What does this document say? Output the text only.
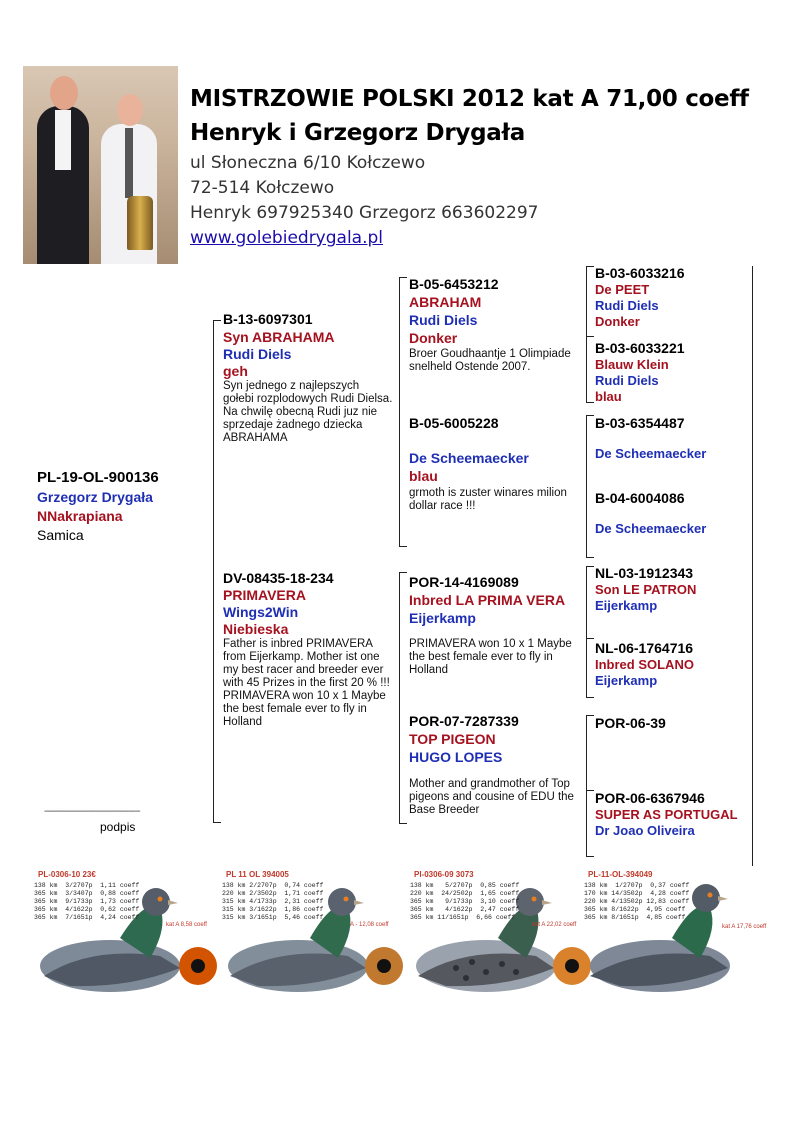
MISTRZOWIE POLSKI 2012 kat A 71,00 coeff
Henryk i Grzegorz Drygała
ul Słoneczna 6/10 Kołczewo
72-514 Kołczewo
Henryk 697925340 Grzegorz 663602297
www.golebiedrygala.pl
PL-19-OL-900136
Grzegorz Drygała
NNakrapiana
Samica
B-13-6097301
Syn ABRAHAMA
Rudi Diels
geh
Syn jednego z najlepszych gołebi rozplodowych Rudi Dielsa. Na chwilę obecną Rudi juz nie sprzedaje żadnego dziecka ABRAHAMA
DV-08435-18-234
PRIMAVERA
Wings2Win
Niebieska
Father is inbred PRIMAVERA from Eijerkamp. Mother ist one my best racer and breeder ever with 45 Prizes in the first 20 % !!! PRIMAVERA won 10 x 1 Maybe the best female ever to fly in Holland
B-05-6453212
ABRAHAM
Rudi Diels
Donker
Broer Goudhaantje 1 Olimpiade snelheld Ostende 2007.
B-05-6005228
De Scheemaecker
blau
grmoth is zuster winares milion dollar race !!!
POR-14-4169089
Inbred LA PRIMA VERA
Eijerkamp
PRIMAVERA won 10 x 1 Maybe the best female ever to fly in Holland
POR-07-7287339
TOP PIGEON
HUGO LOPES
Mother and grandmother of Top pigeons and cousine of EDU the Base Breeder
B-03-6033216
De PEET
Rudi Diels
Donker
B-03-6033221
Blauw Klein
Rudi Diels
blau
B-03-6354487
De Scheemaecker
B-04-6004086
De Scheemaecker
NL-03-1912343
Son LE PATRON
Eijerkamp
NL-06-1764716
Inbred SOLANO
Eijerkamp
POR-06-39
POR-06-6367946
SUPER AS PORTUGAL
Dr Joao Oliveira
-----------------------------------------
podpis
PL-0306-10 23€
138 km  3/2707p  1,11 coeff
365 km  3/3407p  0,88 coeff
365 km  9/1733p  1,73 coeff
365 km  4/1622p  0,62 coeff
365 km  7/1651p  4,24 coeff
kat A 8,58 coeff
PL 11 OL 394005
138 km 2/2707p  0,74 coeff
220 km 2/3502p  1,71 coeff
315 km 4/1733p  2,31 coeff
315 km 3/1622p  1,86 coeff
315 km 3/1651p  5,46 coeff
A - 12,08 coeff
Pl-0306-09 3073
138 km   5/2707p  0,85 coeff
220 km  24/2502p  1,65 coeff
365 km   9/1733p  3,10 coeff
365 km   4/1622p  2,47 coeff
365 km 11/1651p  6,66 coeff
kat A 22,02 coeff
PL-11-OL-394049
138 km  1/2707p  0,37 coeff
170 km 14/3502p  4,28 coeff
220 km 4/13502p 12,83 coeff
365 km 8/1622p  4,95 coeff
365 km 8/1651p  4,85 coeff
kat A 17,76 coeff
